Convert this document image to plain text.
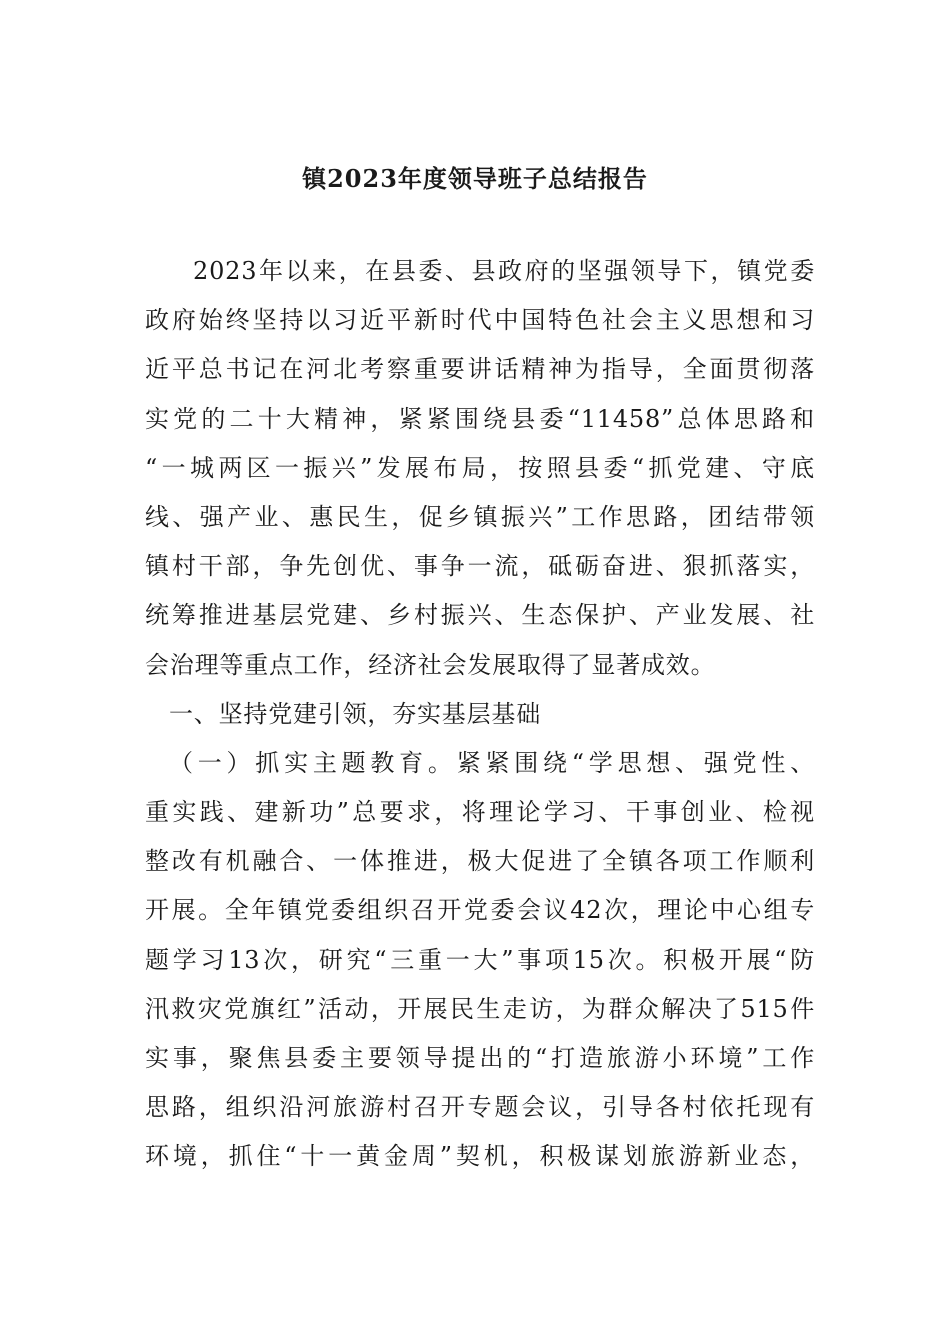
镇2023年度领导班子总结报告
2023年以来，在县委、县政府的坚强领导下，镇党委
政府始终坚持以习近平新时代中国特色社会主义思想和习
近平总书记在河北考察重要讲话精神为指导，全面贯彻落
实党的二十大精神，紧紧围绕县委“11458”总体思路和
“一城两区一振兴”发展布局，按照县委“抓党建、守底
线、强产业、惠民生，促乡镇振兴”工作思路，团结带领
镇村干部，争先创优、事争一流，砥砺奋进、狠抓落实，
统筹推进基层党建、乡村振兴、生态保护、产业发展、社
会治理等重点工作，经济社会发展取得了显著成效。
一、坚持党建引领，夯实基层基础
（一）抓实主题教育。紧紧围绕“学思想、强党性、
重实践、建新功”总要求，将理论学习、干事创业、检视
整改有机融合、一体推进，极大促进了全镇各项工作顺利
开展。全年镇党委组织召开党委会议42次，理论中心组专
题学习13次，研究“三重一大”事项15次。积极开展“防
汛救灾党旗红”活动，开展民生走访，为群众解决了515件
实事，聚焦县委主要领导提出的“打造旅游小环境”工作
思路，组织沿河旅游村召开专题会议，引导各村依托现有
环境，抓住“十一黄金周”契机，积极谋划旅游新业态，
